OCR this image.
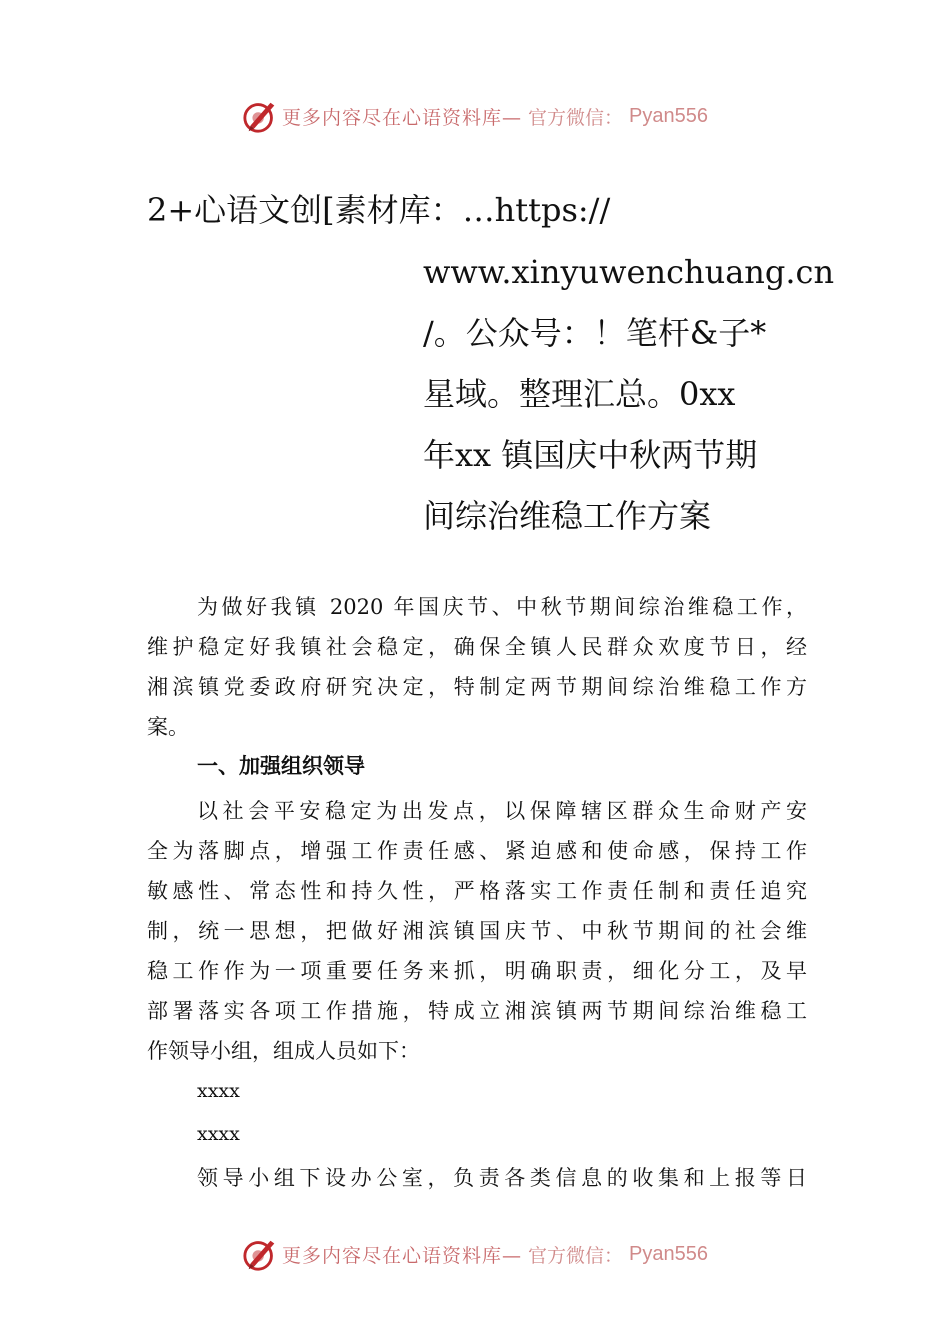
更多内容尽在心语资料库— 官方微信： Pyan556
2+心语文创[素材库：…https://
www.xinyuwenchuang.cn
/。公众号：！笔杆&子*
星域。整理汇总。0xx
年xx 镇国庆中秋两节期
间综治维稳工作方案
为做好我镇 2020 年国庆节、中秋节期间综治维稳工作，
维护稳定好我镇社会稳定，确保全镇人民群众欢度节日，经
湘滨镇党委政府研究决定，特制定两节期间综治维稳工作方
案。
一、加强组织领导
以社会平安稳定为出发点，以保障辖区群众生命财产安
全为落脚点，增强工作责任感、紧迫感和使命感，保持工作
敏感性、常态性和持久性，严格落实工作责任制和责任追究
制，统一思想，把做好湘滨镇国庆节、中秋节期间的社会维
稳工作作为一项重要任务来抓，明确职责，细化分工，及早
部署落实各项工作措施，特成立湘滨镇两节期间综治维稳工
作领导小组，组成人员如下：
xxxx
xxxx
领导小组下设办公室，负责各类信息的收集和上报等日
更多内容尽在心语资料库— 官方微信： Pyan556
